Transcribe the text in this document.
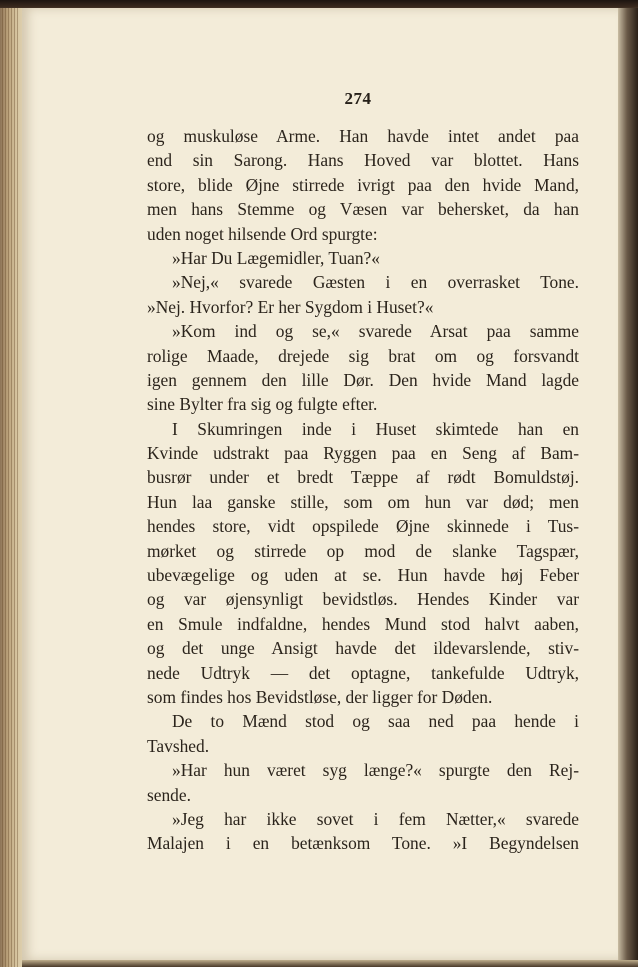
274
og muskuløse Arme. Han havde intet andet paa
end sin Sarong. Hans Hoved var blottet. Hans
store, blide Øjne stirrede ivrigt paa den hvide Mand,
men hans Stemme og Væsen var behersket, da han
uden noget hilsende Ord spurgte:
»Har Du Lægemidler, Tuan?«
»Nej,« svarede Gæsten i en overrasket Tone.
»Nej. Hvorfor? Er her Sygdom i Huset?«
»Kom ind og se,« svarede Arsat paa samme
rolige Maade, drejede sig brat om og forsvandt
igen gennem den lille Dør. Den hvide Mand lagde
sine Bylter fra sig og fulgte efter.
I Skumringen inde i Huset skimtede han en
Kvinde udstrakt paa Ryggen paa en Seng af Bam-
busrør under et bredt Tæppe af rødt Bomuldstøj.
Hun laa ganske stille, som om hun var død; men
hendes store, vidt opspilede Øjne skinnede i Tus-
mørket og stirrede op mod de slanke Tagspær,
ubevægelige og uden at se. Hun havde høj Feber
og var øjensynligt bevidstløs. Hendes Kinder var
en Smule indfaldne, hendes Mund stod halvt aaben,
og det unge Ansigt havde det ildevarslende, stiv-
nede Udtryk — det optagne, tankefulde Udtryk,
som findes hos Bevidstløse, der ligger for Døden.
De to Mænd stod og saa ned paa hende i
Tavshed.
»Har hun været syg længe?« spurgte den Rej-
sende.
»Jeg har ikke sovet i fem Nætter,« svarede
Malajen i en betænksom Tone. »I Begyndelsen
